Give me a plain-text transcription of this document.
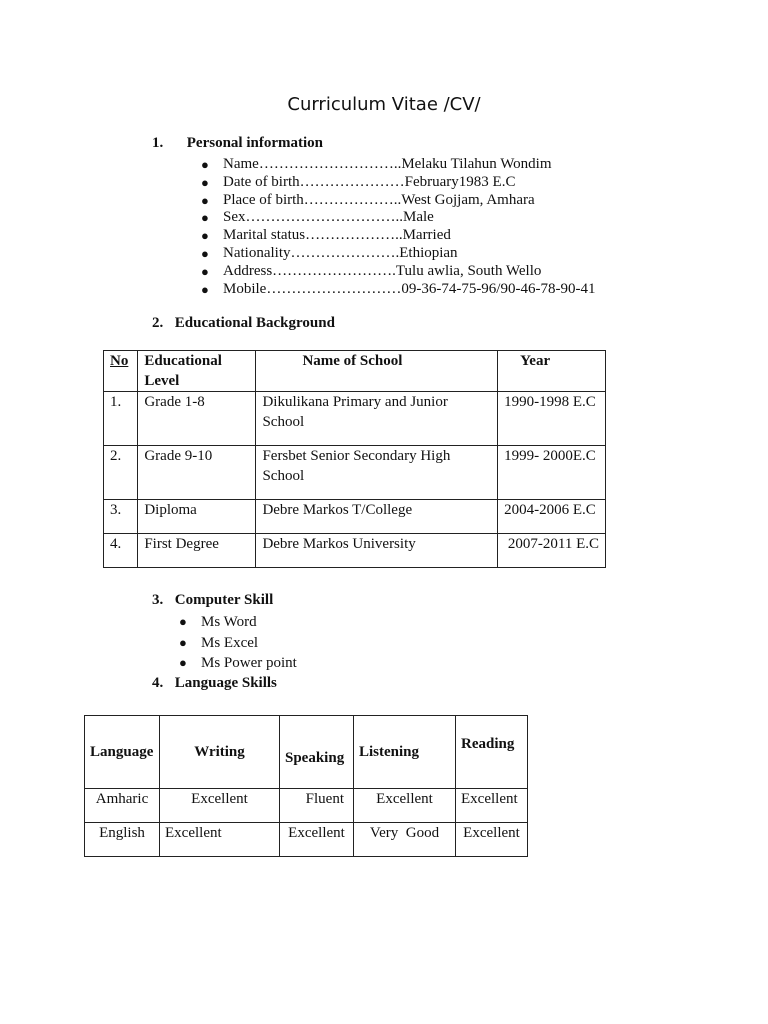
Curriculum Vitae /CV/
1. Personal information
● Name………………………..Melaku Tilahun Wondim
● Date of birth…………………February1983 E.C
● Place of birth………………..West Gojjam, Amhara
● Sex…………………………..Male
● Marital status………………..Married
● Nationality………………….Ethiopian
● Address…………………….Tulu awlia, South Wello
● Mobile………………………09-36-74-75-96/90-46-78-90-41
2. Educational Background
No	Educational Level	Name of School	Year
1.	Grade 1-8	Dikulikana Primary and Junior School	1990-1998 E.C
2.	Grade 9-10	Fersbet Senior Secondary High School	1999- 2000E.C
3.	Diploma	Debre Markos T/College	2004-2006 E.C
4.	First Degree	Debre Markos University	2007-2011 E.C
3. Computer Skill
● Ms Word
● Ms Excel
● Ms Power point
4. Language Skills
Language	Writing	Speaking	Listening	Reading
Amharic	Excellent	Fluent	Excellent	Excellent
English	Excellent	Excellent	Very  Good	Excellent
